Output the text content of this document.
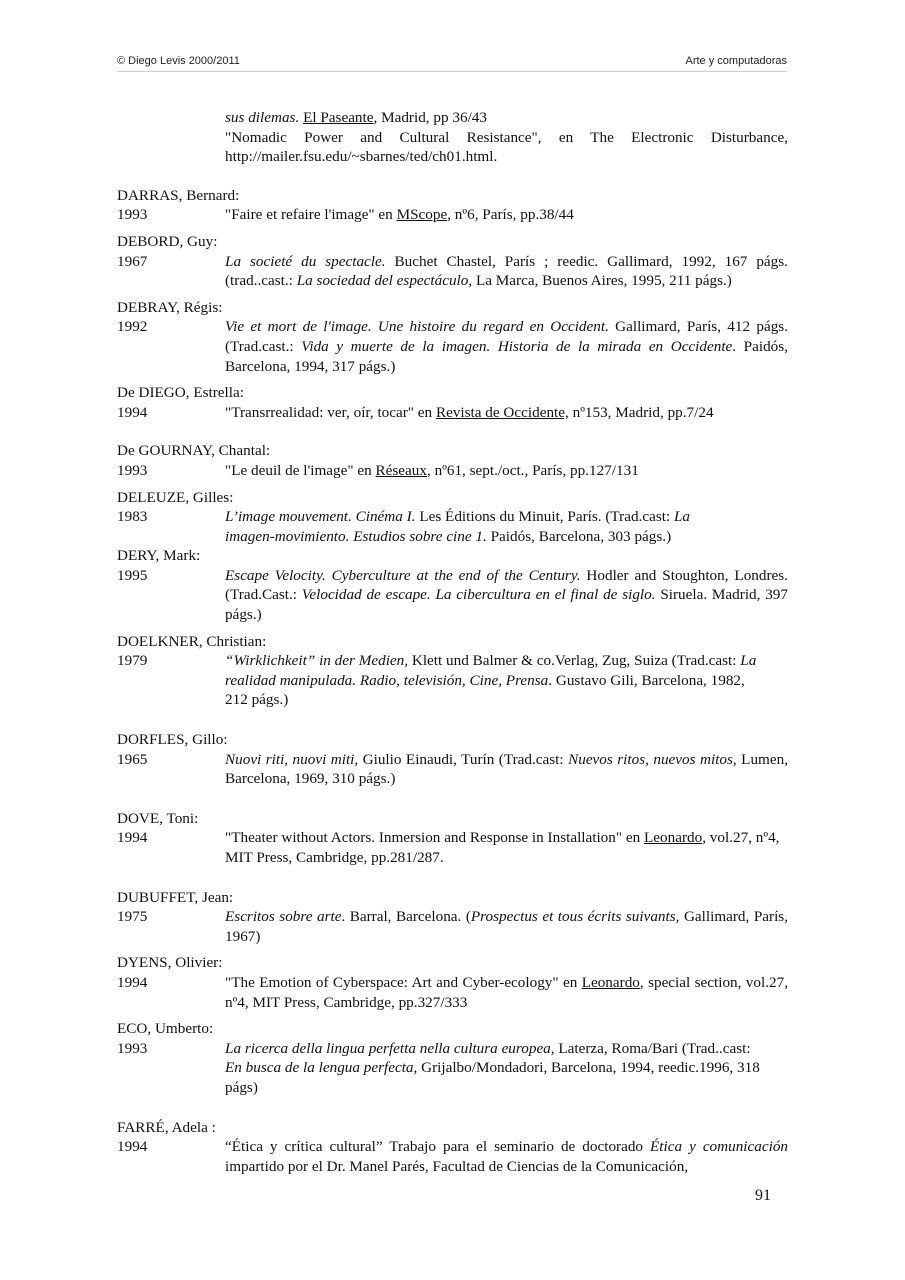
© Diego Levis 2000/2011	Arte y computadoras
sus dilemas. El Paseante, Madrid, pp 36/43
"Nomadic Power and Cultural Resistance", en The Electronic Disturbance, http://mailer.fsu.edu/~sbarnes/ted/ch01.html.
DARRAS, Bernard:
1993	"Faire et refaire l'image" en MScope, nº6, París, pp.38/44
DEBORD, Guy:
1967	La societé du spectacle. Buchet Chastel, París ; reedic. Gallimard, 1992, 167 págs. (trad..cast.: La sociedad del espectáculo, La Marca, Buenos Aires, 1995, 211 págs.)
DEBRAY, Régis:
1992	Vie et mort de l'image. Une histoire du regard en Occident. Gallimard, París, 412 págs. (Trad.cast.: Vida y muerte de la imagen. Historia de la mirada en Occidente. Paidós, Barcelona, 1994, 317 págs.)
De DIEGO, Estrella:
1994	"Transrrealidad: ver, oír, tocar" en Revista de Occidente, nº153, Madrid, pp.7/24
De GOURNAY, Chantal:
1993	"Le deuil de l'image" en Réseaux, nº61, sept./oct., París, pp.127/131
DELEUZE, Gilles:
1983	L’image mouvement. Cinéma I. Les Éditions du Minuit, París. (Trad.cast: La imagen-movimiento. Estudios sobre cine 1. Paidós, Barcelona, 303 págs.)
DERY, Mark:
1995	Escape Velocity. Cyberculture at the end of the Century. Hodler and Stoughton, Londres. (Trad.Cast.: Velocidad de escape. La cibercultura en el final de siglo. Siruela. Madrid, 397 págs.)
DOELKNER, Christian:
1979	“Wirklichkeit” in der Medien, Klett und Balmer & co.Verlag, Zug, Suiza (Trad.cast: La realidad manipulada. Radio, televisión, Cine, Prensa. Gustavo Gili, Barcelona, 1982, 212 págs.)
DORFLES, Gillo:
1965	Nuovi riti, nuovi miti, Giulio Einaudi, Turín (Trad.cast: Nuevos ritos, nuevos mitos, Lumen, Barcelona, 1969, 310 págs.)
DOVE, Toni:
1994	"Theater without Actors. Inmersion and Response in Installation" en Leonardo, vol.27, nº4, MIT Press, Cambridge, pp.281/287.
DUBUFFET, Jean:
1975	Escritos sobre arte. Barral, Barcelona. (Prospectus et tous écrits suivants, Gallimard, París, 1967)
DYENS, Olivier:
1994	"The Emotion of Cyberspace: Art and Cyber-ecology" en Leonardo, special section, vol.27, nº4, MIT Press, Cambridge, pp.327/333
ECO, Umberto:
1993	La ricerca della lingua perfetta nella cultura europea, Laterza, Roma/Bari (Trad..cast: En busca de la lengua perfecta, Grijalbo/Mondadori, Barcelona, 1994, reedic.1996, 318 págs)
FARRÉ, Adela :
1994	“Ética y crítica cultural” Trabajo para el seminario de doctorado Ética y comunicación impartido por el Dr. Manel Parés, Facultad de Ciencias de la Comunicación,
91
